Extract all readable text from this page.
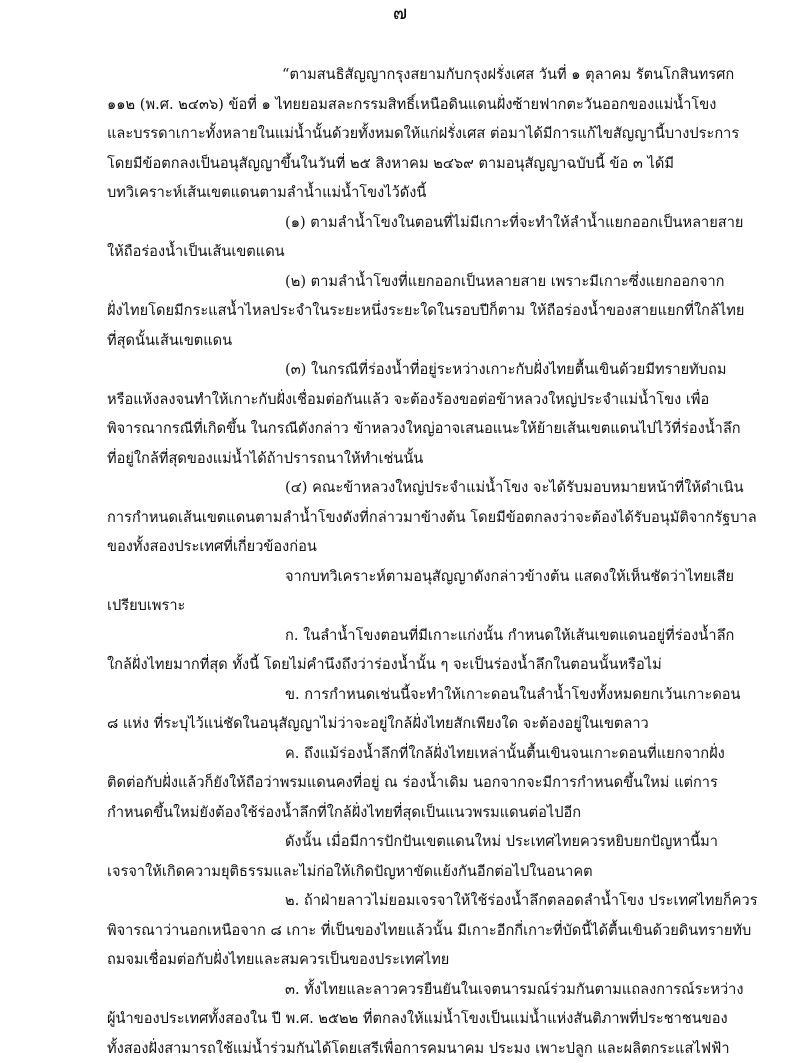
๗

“ตามสนธิสัญญากรุงสยามกับกรุงฝรั่งเศส วันที่ ๑ ตุลาคม รัตนโกสินทรศก

๑๑๒ (พ.ศ. ๒๔๓๖) ข้อที่ ๑ ไทยยอมสละกรรมสิทธิ์เหนือดินแดนฝั่งซ้ายฟากตะวันออกของแม่น้ำโขง

และบรรดาเกาะทั้งหลายในแม่น้ำนั้นด้วยทั้งหมดให้แก่ฝรั่งเศส ต่อมาได้มีการแก้ไขสัญญานี้บางประการ

โดยมีข้อตกลงเป็นอนุสัญญาขึ้นในวันที่ ๒๕ สิงหาคม ๒๔๖๙ ตามอนุสัญญาฉบับนี้ ข้อ ๓ ได้มี

บทวิเคราะห์เส้นเขตแดนตามลำน้ำแม่น้ำโขงไว้ดังนี้

(๑) ตามลำน้ำโขงในตอนที่ไม่มีเกาะที่จะทำให้ลำน้ำแยกออกเป็นหลายสาย

ให้ถือร่องน้ำเป็นเส้นเขตแดน

(๒) ตามลำน้ำโขงที่แยกออกเป็นหลายสาย เพราะมีเกาะซึ่งแยกออกจาก

ฝั่งไทยโดยมีกระแสน้ำไหลประจำในระยะหนึ่งระยะใดในรอบปีก็ตาม ให้ถือร่องน้ำของสายแยกที่ใกล้ไทย

ที่สุดนั้นเส้นเขตแดน

(๓) ในกรณีที่ร่องน้ำที่อยู่ระหว่างเกาะกับฝั่งไทยตื้นเขินด้วยมีทรายทับถม

หรือแห้งลงจนทำให้เกาะกับฝั่งเชื่อมต่อกันแล้ว จะต้องร้องขอต่อข้าหลวงใหญ่ประจำแม่น้ำโขง เพื่อ

พิจารณากรณีที่เกิดขึ้น ในกรณีดังกล่าว ข้าหลวงใหญ่อาจเสนอแนะให้ย้ายเส้นเขตแดนไปไว้ที่ร่องน้ำลึก

ที่อยู่ใกล้ที่สุดของแม่น้ำได้ถ้าปรารถนาให้ทำเช่นนั้น

(๔) คณะข้าหลวงใหญ่ประจำแม่น้ำโขง จะได้รับมอบหมายหน้าที่ให้ดำเนิน

การกำหนดเส้นเขตแดนตามลำน้ำโขงดังที่กล่าวมาข้างต้น โดยมีข้อตกลงว่าจะต้องได้รับอนุมัติจากรัฐบาล

ของทั้งสองประเทศที่เกี่ยวข้องก่อน

จากบทวิเคราะห์ตามอนุสัญญาดังกล่าวข้างต้น แสดงให้เห็นชัดว่าไทยเสีย

เปรียบเพราะ

ก. ในลำน้ำโขงตอนที่มีเกาะแก่งนั้น กำหนดให้เส้นเขตแดนอยู่ที่ร่องน้ำลึก

ใกล้ฝั่งไทยมากที่สุด ทั้งนี้ โดยไม่คำนึงถึงว่าร่องน้ำนั้น ๆ จะเป็นร่องน้ำลึกในตอนนั้นหรือไม่

ข. การกำหนดเช่นนี้จะทำให้เกาะดอนในลำน้ำโขงทั้งหมดยกเว้นเกาะดอน

๘ แห่ง ที่ระบุไว้แน่ชัดในอนุสัญญาไม่ว่าจะอยู่ใกล้ฝั่งไทยสักเพียงใด จะต้องอยู่ในเขตลาว

ค. ถึงแม้ร่องน้ำลึกที่ใกล้ฝั่งไทยเหล่านั้นตื้นเขินจนเกาะดอนที่แยกจากฝั่ง

ติดต่อกับฝั่งแล้วก็ยังให้ถือว่าพรมแดนคงที่อยู่ ณ ร่องน้ำเดิม นอกจากจะมีการกำหนดขึ้นใหม่ แต่การ

กำหนดขึ้นใหม่ยังต้องใช้ร่องน้ำลึกที่ใกล้ฝั่งไทยที่สุดเป็นแนวพรมแดนต่อไปอีก

ดังนั้น เมื่อมีการปักปันเขตแดนใหม่ ประเทศไทยควรหยิบยกปัญหานี้มา

เจรจาให้เกิดความยุติธรรมและไม่ก่อให้เกิดปัญหาขัดแย้งกันอีกต่อไปในอนาคต

๒. ถ้าฝ่ายลาวไม่ยอมเจรจาให้ใช้ร่องน้ำลึกตลอดลำน้ำโขง ประเทศไทยก็ควร

พิจารณาว่านอกเหนือจาก ๘ เกาะ ที่เป็นของไทยแล้วนั้น มีเกาะอีกกี่เกาะที่บัดนี้ได้ตื้นเขินด้วยดินทรายทับ

ถมจมเชื่อมต่อกับฝั่งไทยและสมควรเป็นของประเทศไทย

๓. ทั้งไทยและลาวควรยืนยันในเจตนารมณ์ร่วมกันตามแถลงการณ์ระหว่าง

ผู้นำของประเทศทั้งสองใน ปี พ.ศ. ๒๕๒๒ ที่ตกลงให้แม่น้ำโขงเป็นแม่น้ำแห่งสันติภาพที่ประชาชนของ

ทั้งสองฝั่งสามารถใช้แม่น้ำร่วมกันได้โดยเสรีเพื่อการคมนาคม ประมง เพาะปลูก และผลิตกระแสไฟฟ้า
